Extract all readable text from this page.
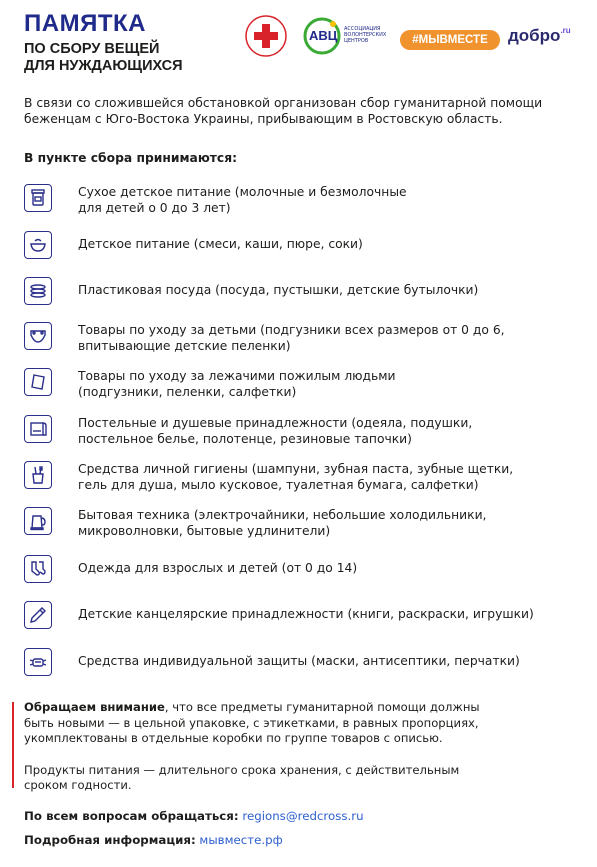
ПАМЯТКА
ПО СБОРУ ВЕЩЕЙ
ДЛЯ НУЖДАЮЩИХСЯ
АВЦ АССОЦИАЦИЯ ВОЛОНТЕРСКИХ ЦЕНТРОВ	#МЫВМЕСТЕ	добро$^{.ru}$
В связи со сложившейся обстановкой организован сбор гуманитарной помощи беженцам с Юго-Востока Украины, прибывающим в Ростовскую область.
В пункте сбора принимаются:
Сухое детское питание (молочные и безмолочные
для детей о 0 до 3 лет)
Детское питание (смеси, каши, пюре, соки)
Пластиковая посуда (посуда, пустышки, детские бутылочки)
Товары по уходу за детьми (подгузники всех размеров от 0 до 6,
впитывающие детские пеленки)
Товары по уходу за лежачими пожилым людьми
(подгузники, пеленки, салфетки)
Постельные и душевые принадлежности (одеяла, подушки,
постельное белье, полотенце, резиновые тапочки)
Средства личной гигиены (шампуни, зубная паста, зубные щетки,
гель для душа, мыло кусковое, туалетная бумага, салфетки)
Бытовая техника (электрочайники, небольшие холодильники,
микроволновки, бытовые удлинители)
Одежда для взрослых и детей (от 0 до 14)
Детские канцелярские принадлежности (книги, раскраски, игрушки)
Средства индивидуальной защиты (маски, антисептики, перчатки)

Обращаем внимание, что все предметы гуманитарной помощи должны быть новыми — в цельной упаковке, с этикетками, в равных пропорциях, укомплектованы в отдельные коробки по группе товаров с описью.

Продукты питания — длительного срока хранения, с действительным сроком годности.

По всем вопросам обращаться: regions@redcross.ru
Подробная информация: мывместе.рф
